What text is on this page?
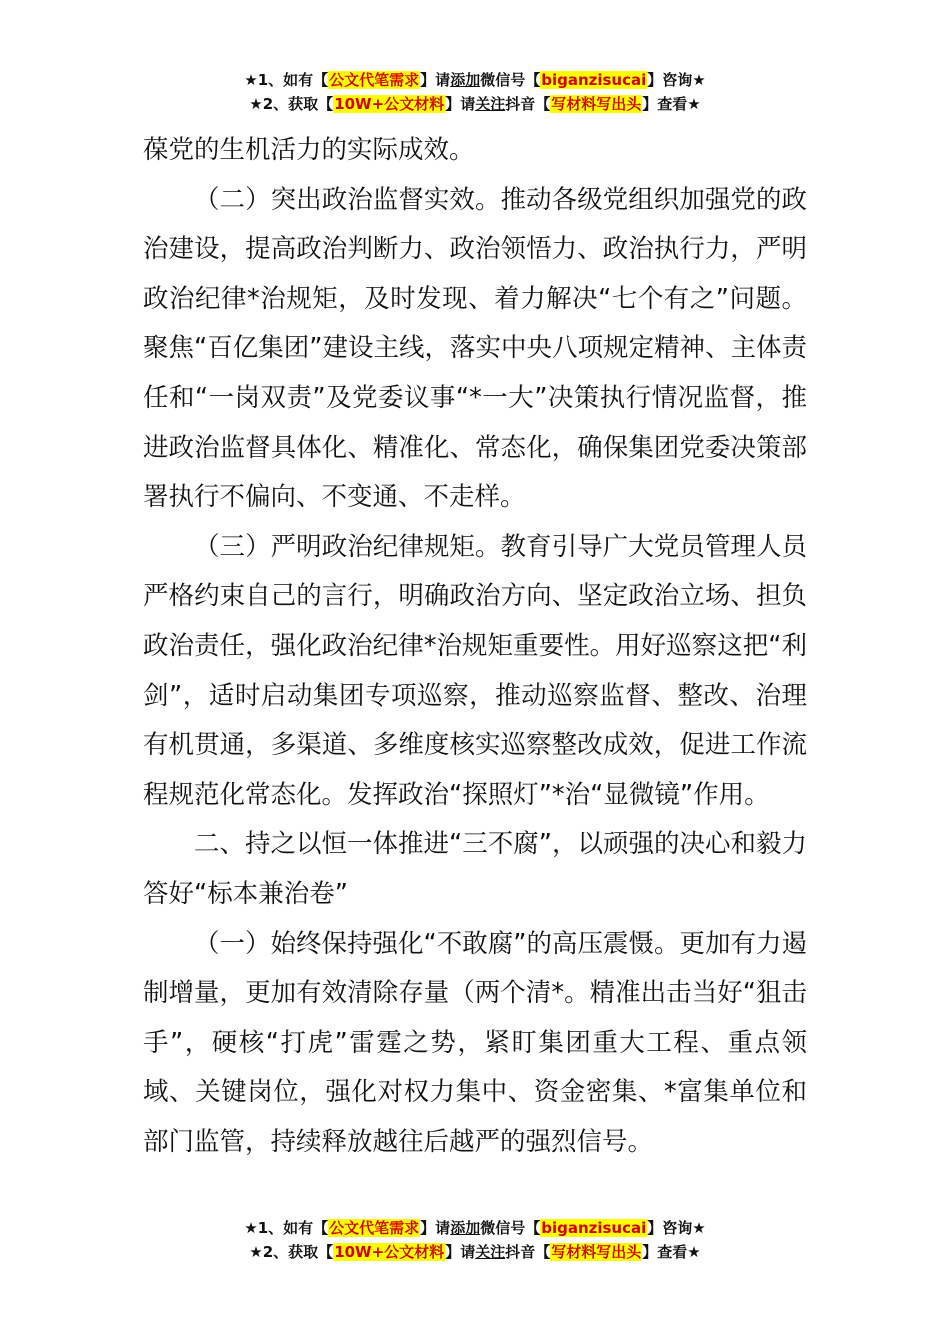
★1、如有【公文代笔需求】请添加微信号【biganzisucai】咨询★
★2、获取【10W+公文材料】请关注抖音【写材料写出头】查看★

葆党的生机活力的实际成效。

（二）突出政治监督实效。推动各级党组织加强党的政治建设，提高政治判断力、政治领悟力、政治执行力，严明政治纪律*治规矩，及时发现、着力解决“七个有之”问题。聚焦“百亿集团”建设主线，落实中央八项规定精神、主体责任和“一岗双责”及党委议事“*一大”决策执行情况监督，推进政治监督具体化、精准化、常态化，确保集团党委决策部署执行不偏向、不变通、不走样。

（三）严明政治纪律规矩。教育引导广大党员管理人员严格约束自己的言行，明确政治方向、坚定政治立场、担负政治责任，强化政治纪律*治规矩重要性。用好巡察这把“利剑”，适时启动集团专项巡察，推动巡察监督、整改、治理有机贯通，多渠道、多维度核实巡察整改成效，促进工作流程规范化常态化。发挥政治“探照灯”*治“显微镜”作用。

二、持之以恒一体推进“三不腐”，以顽强的决心和毅力答好“标本兼治卷”

（一）始终保持强化“不敢腐”的高压震慑。更加有力遏制增量，更加有效清除存量（两个清*。精准出击当好“狙击手”，硬核“打虎”雷霆之势，紧盯集团重大工程、重点领域、关键岗位，强化对权力集中、资金密集、*富集单位和部门监管，持续释放越往后越严的强烈信号。

★1、如有【公文代笔需求】请添加微信号【biganzisucai】咨询★
★2、获取【10W+公文材料】请关注抖音【写材料写出头】查看★
